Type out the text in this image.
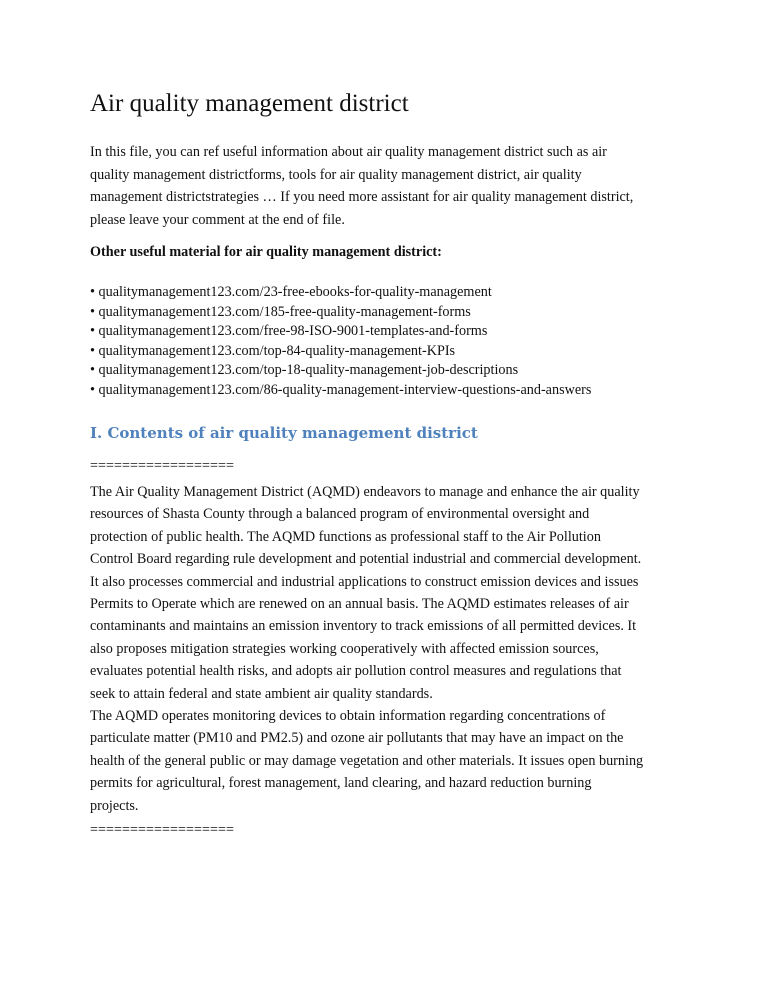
Air quality management district
In this file, you can ref useful information about air quality management district such as air
quality management districtforms, tools for air quality management district, air quality
management districtstrategies … If you need more assistant for air quality management district,
please leave your comment at the end of file.
Other useful material for air quality management district:
• qualitymanagement123.com/23-free-ebooks-for-quality-management
• qualitymanagement123.com/185-free-quality-management-forms
• qualitymanagement123.com/free-98-ISO-9001-templates-and-forms
• qualitymanagement123.com/top-84-quality-management-KPIs
• qualitymanagement123.com/top-18-quality-management-job-descriptions
• qualitymanagement123.com/86-quality-management-interview-questions-and-answers
I. Contents of air quality management district
==================
The Air Quality Management District (AQMD) endeavors to manage and enhance the air quality
resources of Shasta County through a balanced program of environmental oversight and
protection of public health. The AQMD functions as professional staff to the Air Pollution
Control Board regarding rule development and potential industrial and commercial development.
It also processes commercial and industrial applications to construct emission devices and issues
Permits to Operate which are renewed on an annual basis. The AQMD estimates releases of air
contaminants and maintains an emission inventory to track emissions of all permitted devices. It
also proposes mitigation strategies working cooperatively with affected emission sources,
evaluates potential health risks, and adopts air pollution control measures and regulations that
seek to attain federal and state ambient air quality standards.
The AQMD operates monitoring devices to obtain information regarding concentrations of
particulate matter (PM10 and PM2.5) and ozone air pollutants that may have an impact on the
health of the general public or may damage vegetation and other materials. It issues open burning
permits for agricultural, forest management, land clearing, and hazard reduction burning
projects.
==================
